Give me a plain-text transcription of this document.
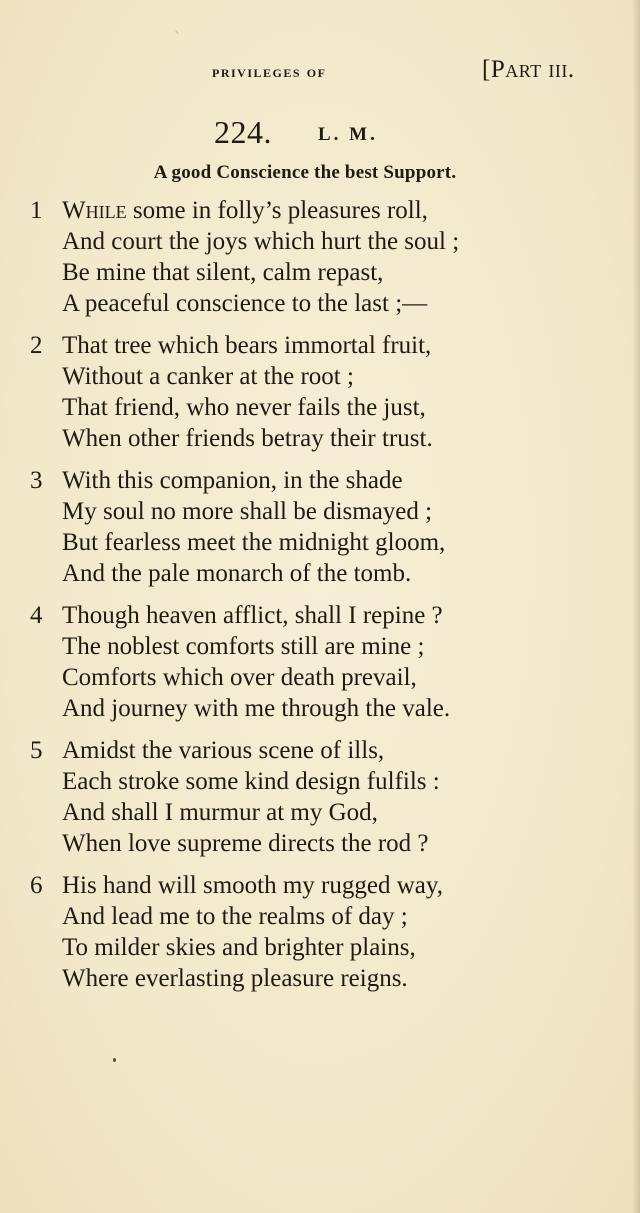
privileges of	[Part iii.
224. L. M.
A good Conscience the best Support.
1 While some in folly’s pleasures roll,
And court the joys which hurt the soul ;
Be mine that silent, calm repast,
A peaceful conscience to the last ;—
2 That tree which bears immortal fruit,
Without a canker at the root ;
That friend, who never fails the just,
When other friends betray their trust.
3 With this companion, in the shade
My soul no more shall be dismayed ;
But fearless meet the midnight gloom,
And the pale monarch of the tomb.
4 Though heaven afflict, shall I repine ?
The noblest comforts still are mine ;
Comforts which over death prevail,
And journey with me through the vale.
5 Amidst the various scene of ills,
Each stroke some kind design fulfils :
And shall I murmur at my God,
When love supreme directs the rod ?
6 His hand will smooth my rugged way,
And lead me to the realms of day ;
To milder skies and brighter plains,
Where everlasting pleasure reigns.
